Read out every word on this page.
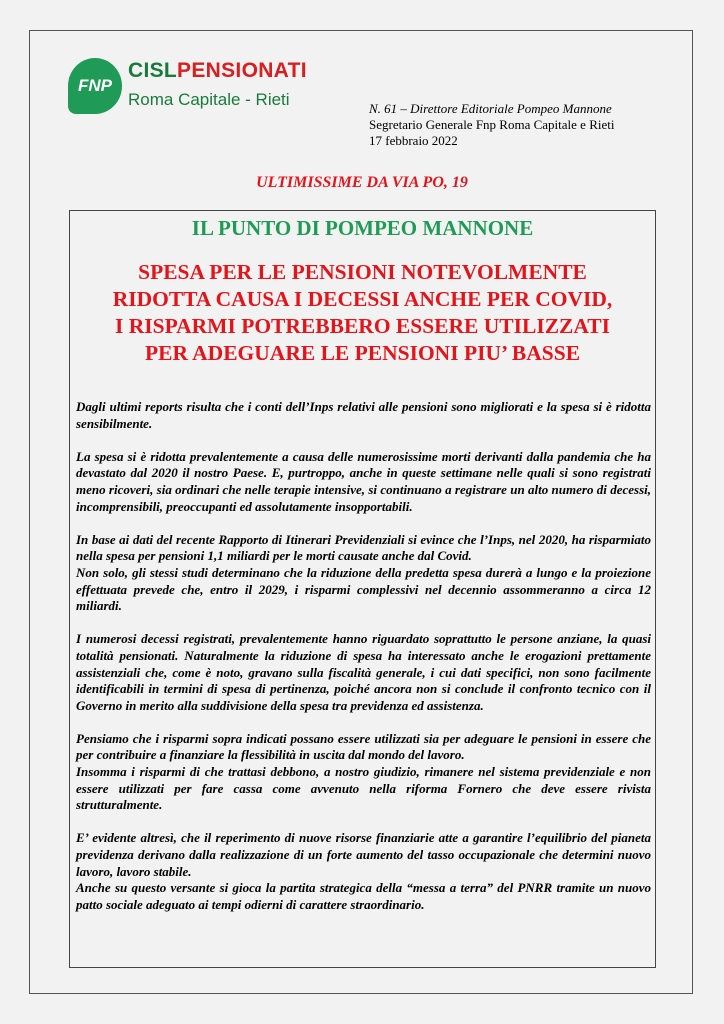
FNP
CISLPENSIONATI
Roma Capitale - Rieti	N. 61 – Direttore Editoriale Pompeo Mannone
Segretario Generale Fnp Roma Capitale e Rieti
17 febbraio 2022
ULTIMISSIME DA VIA PO, 19
IL PUNTO DI POMPEO MANNONE
SPESA PER LE PENSIONI NOTEVOLMENTE
RIDOTTA CAUSA I DECESSI ANCHE PER COVID,
I RISPARMI POTREBBERO ESSERE UTILIZZATI
PER ADEGUARE LE PENSIONI PIU’ BASSE

Dagli ultimi reports risulta che i conti dell’Inps relativi alle pensioni sono migliorati e la spesa si è ridotta sensibilmente.

La spesa si è ridotta prevalentemente a causa delle numerosissime morti derivanti dalla pandemia che ha devastato dal 2020 il nostro Paese. E, purtroppo, anche in queste settimane nelle quali si sono registrati meno ricoveri, sia ordinari che nelle terapie intensive, si continuano a registrare un alto numero di decessi, incomprensibili, preoccupanti ed assolutamente insopportabili.

In base ai dati del recente Rapporto di Itinerari Previdenziali si evince che l’Inps, nel 2020, ha risparmiato nella spesa per pensioni 1,1 miliardi per le morti causate anche dal Covid.

Non solo, gli stessi studi determinano che la riduzione della predetta spesa durerà a lungo e la proiezione effettuata prevede che, entro il 2029, i risparmi complessivi nel decennio assommeranno a circa 12 miliardi.

I numerosi decessi registrati, prevalentemente hanno riguardato soprattutto le persone anziane, la quasi totalità pensionati. Naturalmente la riduzione di spesa ha interessato anche le erogazioni prettamente assistenziali che, come è noto, gravano sulla fiscalità generale, i cui dati specifici, non sono facilmente identificabili in termini di spesa di pertinenza, poiché ancora non si conclude il confronto tecnico con il Governo in merito alla suddivisione della spesa tra previdenza ed assistenza.

Pensiamo che i risparmi sopra indicati possano essere utilizzati sia per adeguare le pensioni in essere che per contribuire a finanziare la flessibilità in uscita dal mondo del lavoro.

Insomma i risparmi di che trattasi debbono, a nostro giudizio, rimanere nel sistema previdenziale e non essere utilizzati per fare cassa come avvenuto nella riforma Fornero che deve essere rivista strutturalmente.

E’ evidente altresì, che il reperimento di nuove risorse finanziarie atte a garantire l’equilibrio del pianeta previdenza derivano dalla realizzazione di un forte aumento del tasso occupazionale che determini nuovo lavoro, lavoro stabile.

Anche su questo versante si gioca la partita strategica della “messa a terra” del PNRR tramite un nuovo patto sociale adeguato ai tempi odierni di carattere straordinario.
